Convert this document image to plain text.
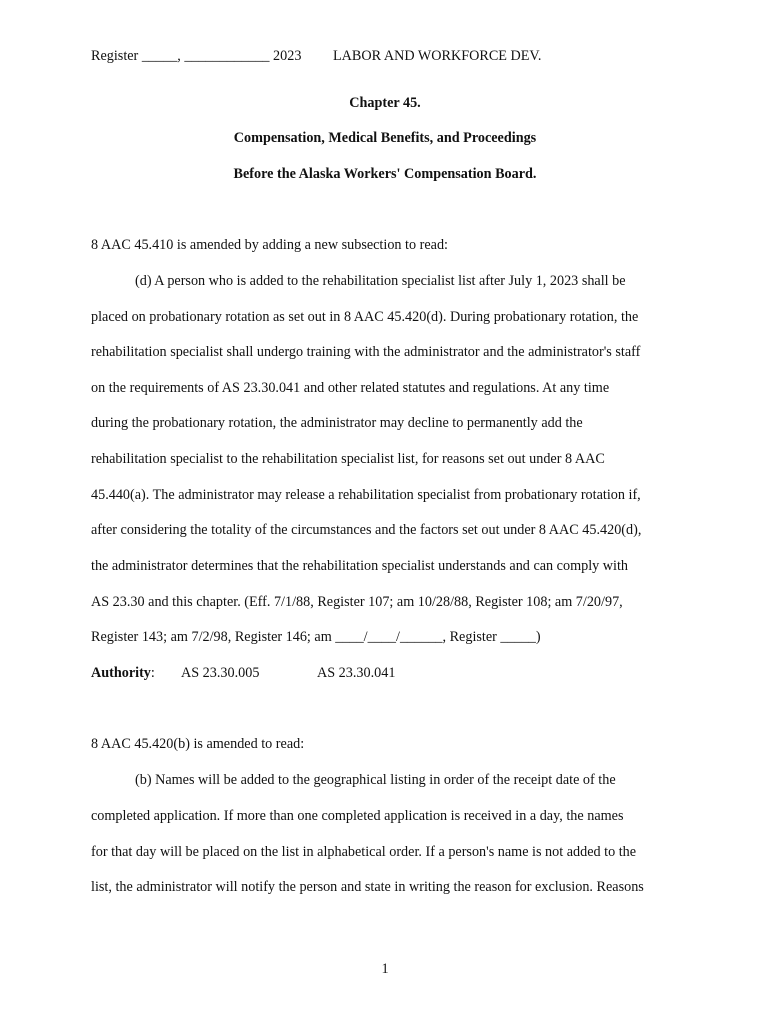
Register _____, ____________ 2023 LABOR AND WORKFORCE DEV.
Chapter 45.
Compensation, Medical Benefits, and Proceedings
Before the Alaska Workers' Compensation Board.
8 AAC 45.410 is amended by adding a new subsection to read:
(d) A person who is added to the rehabilitation specialist list after July 1, 2023 shall be
placed on probationary rotation as set out in 8 AAC 45.420(d). During probationary rotation, the
rehabilitation specialist shall undergo training with the administrator and the administrator's staff
on the requirements of AS 23.30.041 and other related statutes and regulations. At any time
during the probationary rotation, the administrator may decline to permanently add the
rehabilitation specialist to the rehabilitation specialist list, for reasons set out under 8 AAC
45.440(a). The administrator may release a rehabilitation specialist from probationary rotation if,
after considering the totality of the circumstances and the factors set out under 8 AAC 45.420(d),
the administrator determines that the rehabilitation specialist understands and can comply with
AS 23.30 and this chapter. (Eff. 7/1/88, Register 107; am 10/28/88, Register 108; am 7/20/97,
Register 143; am 7/2/98, Register 146; am ____/____/______, Register _____)
Authority: AS 23.30.005	AS 23.30.041
8 AAC 45.420(b) is amended to read:
(b) Names will be added to the geographical listing in order of the receipt date of the
completed application. If more than one completed application is received in a day, the names
for that day will be placed on the list in alphabetical order. If a person's name is not added to the
list, the administrator will notify the person and state in writing the reason for exclusion. Reasons
1
